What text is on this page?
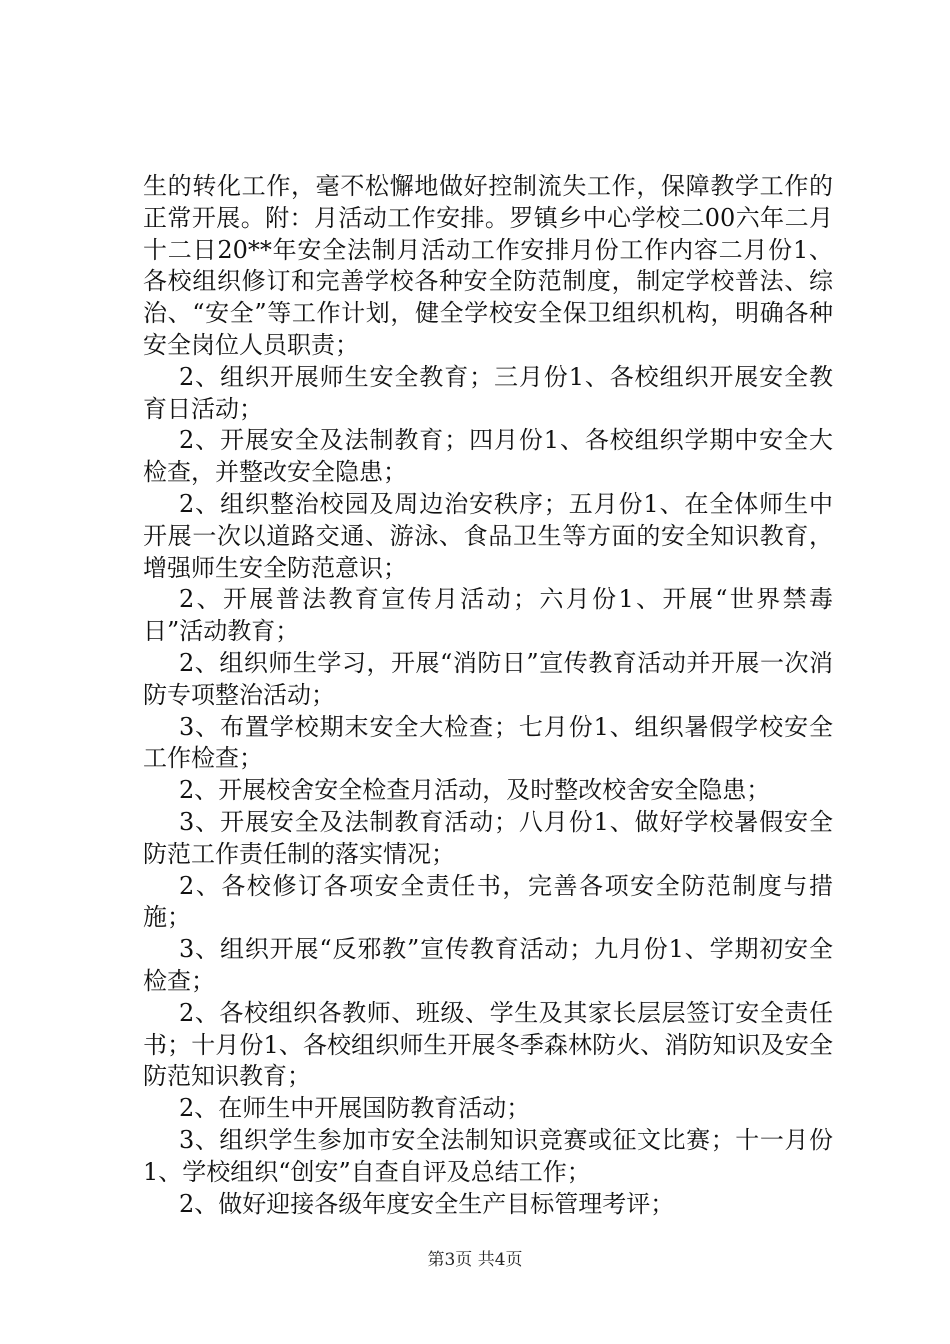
生的转化工作，毫不松懈地做好控制流失工作，保障教学工作的正常开展。附：月活动工作安排。罗镇乡中心学校二00六年二月十二日20**年安全法制月活动工作安排月份工作内容二月份1、各校组织修订和完善学校各种安全防范制度，制定学校普法、综治、“安全”等工作计划，健全学校安全保卫组织机构，明确各种安全岗位人员职责；

2、组织开展师生安全教育；三月份1、各校组织开展安全教育日活动；

2、开展安全及法制教育；四月份1、各校组织学期中安全大检查，并整改安全隐患；

2、组织整治校园及周边治安秩序；五月份1、在全体师生中开展一次以道路交通、游泳、食品卫生等方面的安全知识教育，增强师生安全防范意识；

2、开展普法教育宣传月活动；六月份1、开展“世界禁毒日”活动教育；

2、组织师生学习，开展“消防日”宣传教育活动并开展一次消防专项整治活动；

3、布置学校期末安全大检查；七月份1、组织暑假学校安全工作检查；

2、开展校舍安全检查月活动，及时整改校舍安全隐患；

3、开展安全及法制教育活动；八月份1、做好学校暑假安全防范工作责任制的落实情况；

2、各校修订各项安全责任书，完善各项安全防范制度与措施；

3、组织开展“反邪教”宣传教育活动；九月份1、学期初安全检查；

2、各校组织各教师、班级、学生及其家长层层签订安全责任书；十月份1、各校组织师生开展冬季森林防火、消防知识及安全防范知识教育；

2、在师生中开展国防教育活动；

3、组织学生参加市安全法制知识竞赛或征文比赛；十一月份1、学校组织“创安”自查自评及总结工作；

2、做好迎接各级年度安全生产目标管理考评；

第3页 共4页
